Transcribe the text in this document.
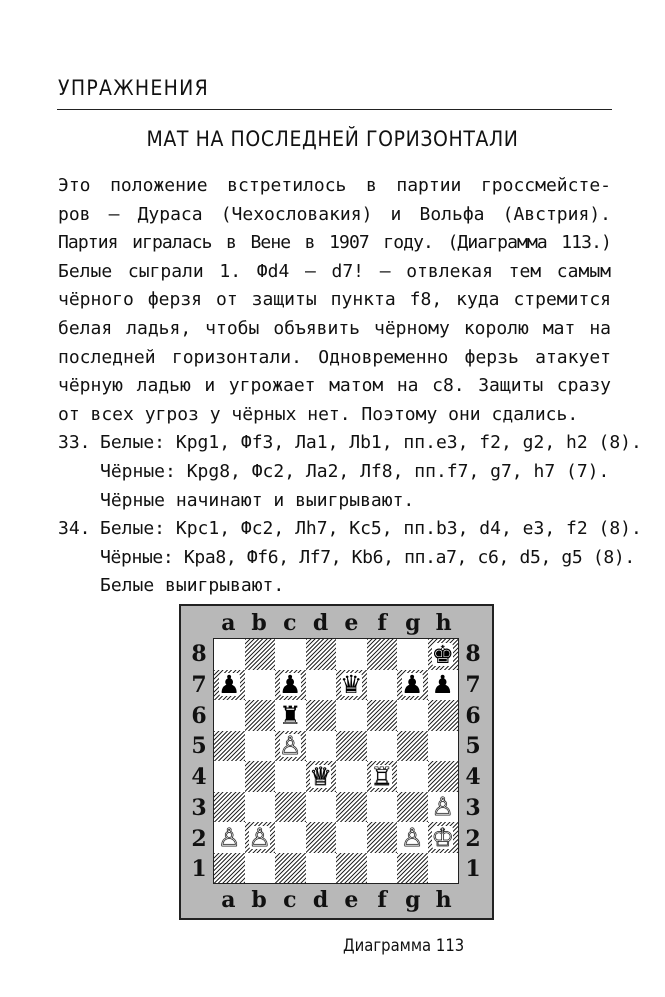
УПРАЖНЕНИЯ
МАТ НА ПОСЛЕДНЕЙ ГОРИЗОНТАЛИ
Это положение встретилось в партии гроссмейсте-
ров — Дураса (Чехословакия) и Вольфа (Австрия).
Партия игралась в Вене в 1907 году. (Диаграмма 113.)
Белые сыграли 1. Фd4 — d7! — отвлекая тем самым
чёрного ферзя от защиты пункта f8, куда стремится
белая ладья, чтобы объявить чёрному королю мат на
последней горизонтали. Одновременно ферзь атакует
чёрную ладью и угрожает матом на с8. Защиты сразу
от всех угроз у чёрных нет. Поэтому они сдались.
33. Белые: Крg1, Фf3, Ла1, Лb1, пп.е3, f2, g2, h2 (8).
Чёрные: Крg8, Фс2, Ла2, Лf8, пп.f7, g7, h7 (7).
Чёрные начинают и выигрывают.
34. Белые: Крс1, Фс2, Лh7, Кс5, пп.b3, d4, е3, f2 (8).
Чёрные: Кра8, Фf6, Лf7, Кb6, пп.а7, с6, d5, g5 (8).
Белые выигрывают.
♚
♟ ♟ ♛ ♟ ♟
♜
♙
♕ ♖
♙
♙ ♙	♙ ♔
Диаграмма 113
a
a
b
b
c
c
d
d
e
e
f
f
g
g
h
h
8	8
7	7
6	6
5	5
4	4
3	3
2	2
1	1
